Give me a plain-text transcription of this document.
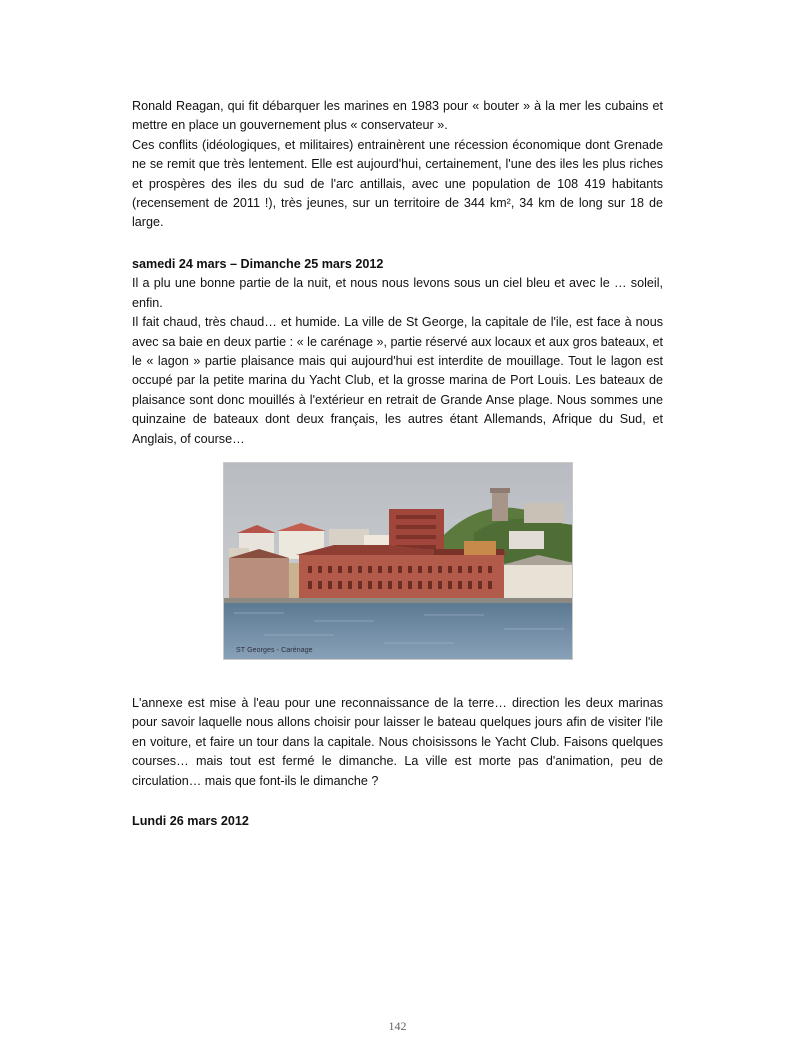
Ronald Reagan, qui fit débarquer les marines en 1983 pour « bouter » à la mer les cubains et mettre en place un gouvernement plus « conservateur ».

Ces conflits (idéologiques, et militaires) entrainèrent une récession économique dont Grenade ne se remit que très lentement. Elle est aujourd'hui, certainement, l'une des iles les plus riches et prospères des iles du sud de l'arc antillais, avec une population de 108 419 habitants (recensement de 2011 !), très jeunes, sur un territoire de 344 km², 34 km de long sur 18 de large.

samedi 24 mars – Dimanche 25 mars 2012

Il a plu une bonne partie de la nuit, et nous nous levons sous un ciel bleu et avec le … soleil, enfin.

Il fait chaud, très chaud… et humide. La ville de St George, la capitale de l'ile, est face à nous avec sa baie en deux partie : « le carénage », partie réservé aux locaux et aux gros bateaux, et le « lagon » partie plaisance mais qui aujourd'hui est interdite de mouillage. Tout le lagon est occupé par la petite marina du Yacht Club, et la grosse marina de Port Louis. Les bateaux de plaisance sont donc mouillés à l'extérieur en retrait de Grande Anse plage. Nous sommes une quinzaine de bateaux dont deux français, les autres étant Allemands, Afrique du Sud, et Anglais, of course…

ST Georges - Carénage

L'annexe est mise à l'eau pour une reconnaissance de la terre… direction les deux marinas pour savoir laquelle nous allons choisir pour laisser le bateau quelques jours afin de visiter l'ile en voiture, et faire un tour dans la capitale. Nous choisissons le Yacht Club. Faisons quelques courses… mais tout est fermé le dimanche. La ville est morte pas d'animation, peu de circulation… mais que font-ils le dimanche ?

Lundi 26 mars 2012

142
